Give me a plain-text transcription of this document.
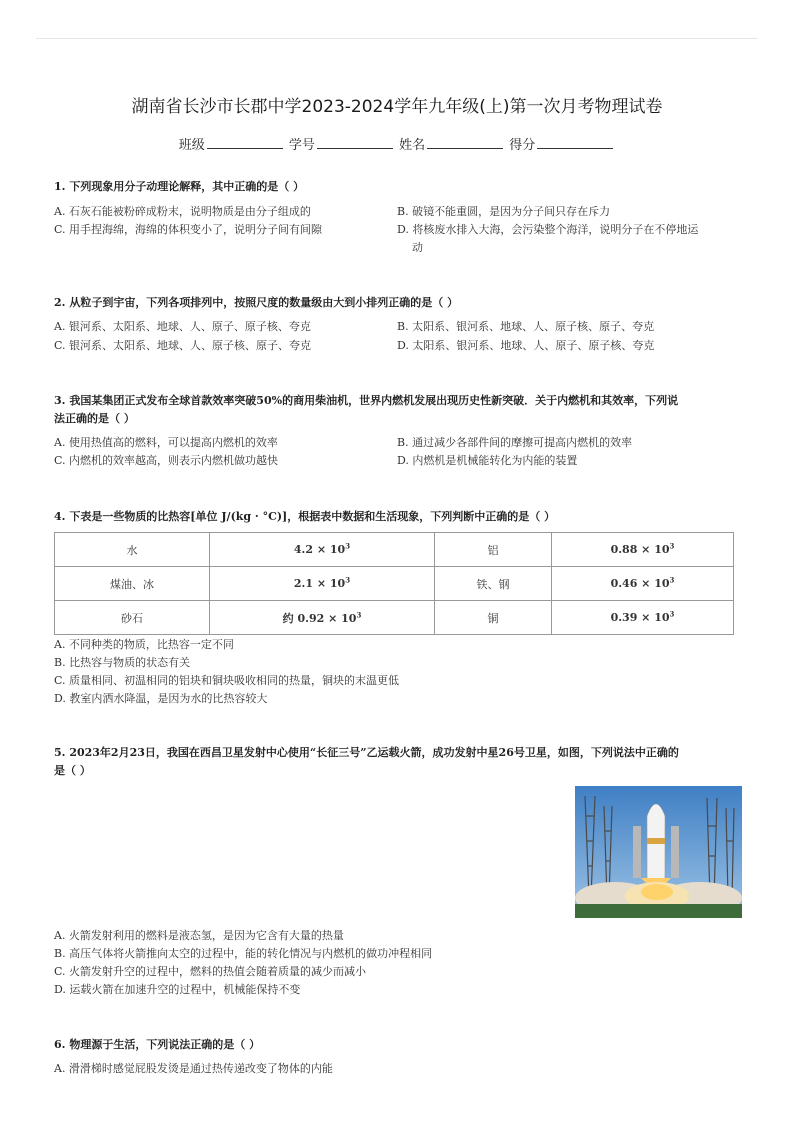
湖南省长沙市长郡中学2023-2024学年九年级(上)第一次月考物理试卷
班级	学号	姓名	得分
1. 下列现象用分子动理论解释，其中正确的是（ ）
A. 石灰石能被粉碎成粉末，说明物质是由分子组成的	B. 破镜不能重圆，是因为分子间只存在斥力
C. 用手捏海绵，海绵的体积变小了，说明分子间有间隙	D. 将核废水排入大海，会污染整个海洋，说明分子在不停地运
动
2. 从粒子到宇宙，下列各项排列中，按照尺度的数量级由大到小排列正确的是（ ）
A. 银河系、太阳系、地球、人、原子、原子核、夸克	B. 太阳系、银河系、地球、人、原子核、原子、夸克
C. 银河系、太阳系、地球、人、原子核、原子、夸克	D. 太阳系、银河系、地球、人、原子、原子核、夸克
3. 我国某集团正式发布全球首款效率突破50%的商用柴油机，世界内燃机发展出现历史性新突破．关于内燃机和其效率，下列说
法正确的是（ ）
A. 使用热值高的燃料，可以提高内燃机的效率	B. 通过减少各部件间的摩擦可提高内燃机的效率
C. 内燃机的效率越高，则表示内燃机做功越快	D. 内燃机是机械能转化为内能的装置
4. 下表是一些物质的比热容[单位 J/(kg · °C)]，根据表中数据和生活现象，下列判断中正确的是（ ）
水	$4.2 \times 10^3$	铝	$0.88 \times 10^3$
煤油、冰	$2.1 \times 10^3$	铁、钢	$0.46 \times 10^3$
砂石	约 $0.92 \times 10^3$	铜	$0.39 \times 10^3$
A. 不同种类的物质，比热容一定不同
B. 比热容与物质的状态有关
C. 质量相同、初温相同的铝块和铜块吸收相同的热量，铜块的末温更低
D. 教室内洒水降温，是因为水的比热容较大
5. 2023年2月23日，我国在西昌卫星发射中心使用“长征三号”乙运载火箭，成功发射中星26号卫星，如图，下列说法中正确的
是（ ）
A. 火箭发射利用的燃料是液态氢，是因为它含有大量的热量
B. 高压气体将火箭推向太空的过程中，能的转化情况与内燃机的做功冲程相同
C. 火箭发射升空的过程中，燃料的热值会随着质量的减少而减小
D. 运载火箭在加速升空的过程中，机械能保持不变
6. 物理源于生活，下列说法正确的是（ ）
A. 滑滑梯时感觉屁股发烫是通过热传递改变了物体的内能
